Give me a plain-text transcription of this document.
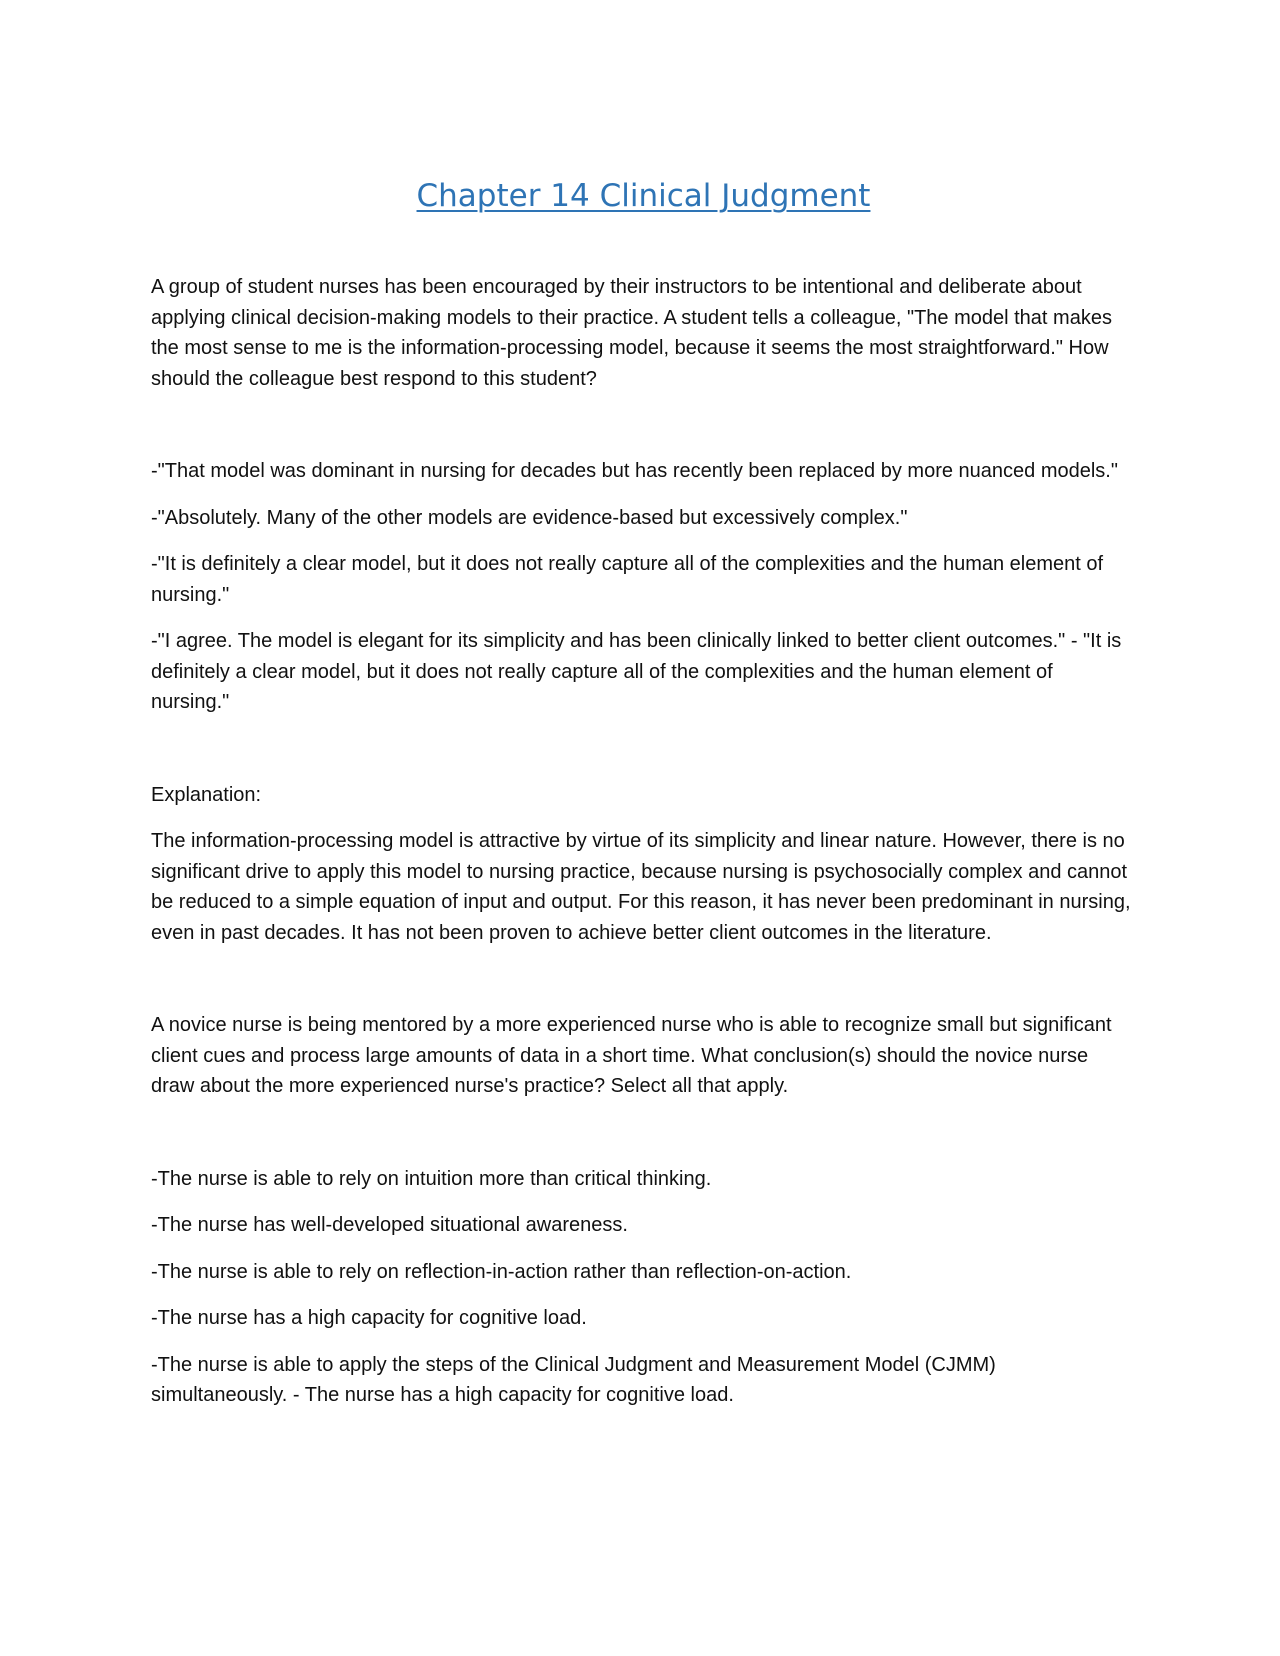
Chapter 14 Clinical Judgment

A group of student nurses has been encouraged by their instructors to be intentional and deliberate about applying clinical decision-making models to their practice. A student tells a colleague, "The model that makes the most sense to me is the information-processing model, because it seems the most straightforward." How should the colleague best respond to this student?

-"That model was dominant in nursing for decades but has recently been replaced by more nuanced models."

-"Absolutely. Many of the other models are evidence-based but excessively complex."

-"It is definitely a clear model, but it does not really capture all of the complexities and the human element of nursing."

-"I agree. The model is elegant for its simplicity and has been clinically linked to better client outcomes." - "It is definitely a clear model, but it does not really capture all of the complexities and the human element of nursing."

Explanation:

The information-processing model is attractive by virtue of its simplicity and linear nature. However, there is no significant drive to apply this model to nursing practice, because nursing is psychosocially complex and cannot be reduced to a simple equation of input and output. For this reason, it has never been predominant in nursing, even in past decades. It has not been proven to achieve better client outcomes in the literature.

A novice nurse is being mentored by a more experienced nurse who is able to recognize small but significant client cues and process large amounts of data in a short time. What conclusion(s) should the novice nurse draw about the more experienced nurse's practice? Select all that apply.

-The nurse is able to rely on intuition more than critical thinking.

-The nurse has well-developed situational awareness.

-The nurse is able to rely on reflection-in-action rather than reflection-on-action.

-The nurse has a high capacity for cognitive load.

-The nurse is able to apply the steps of the Clinical Judgment and Measurement Model (CJMM) simultaneously. - The nurse has a high capacity for cognitive load.
